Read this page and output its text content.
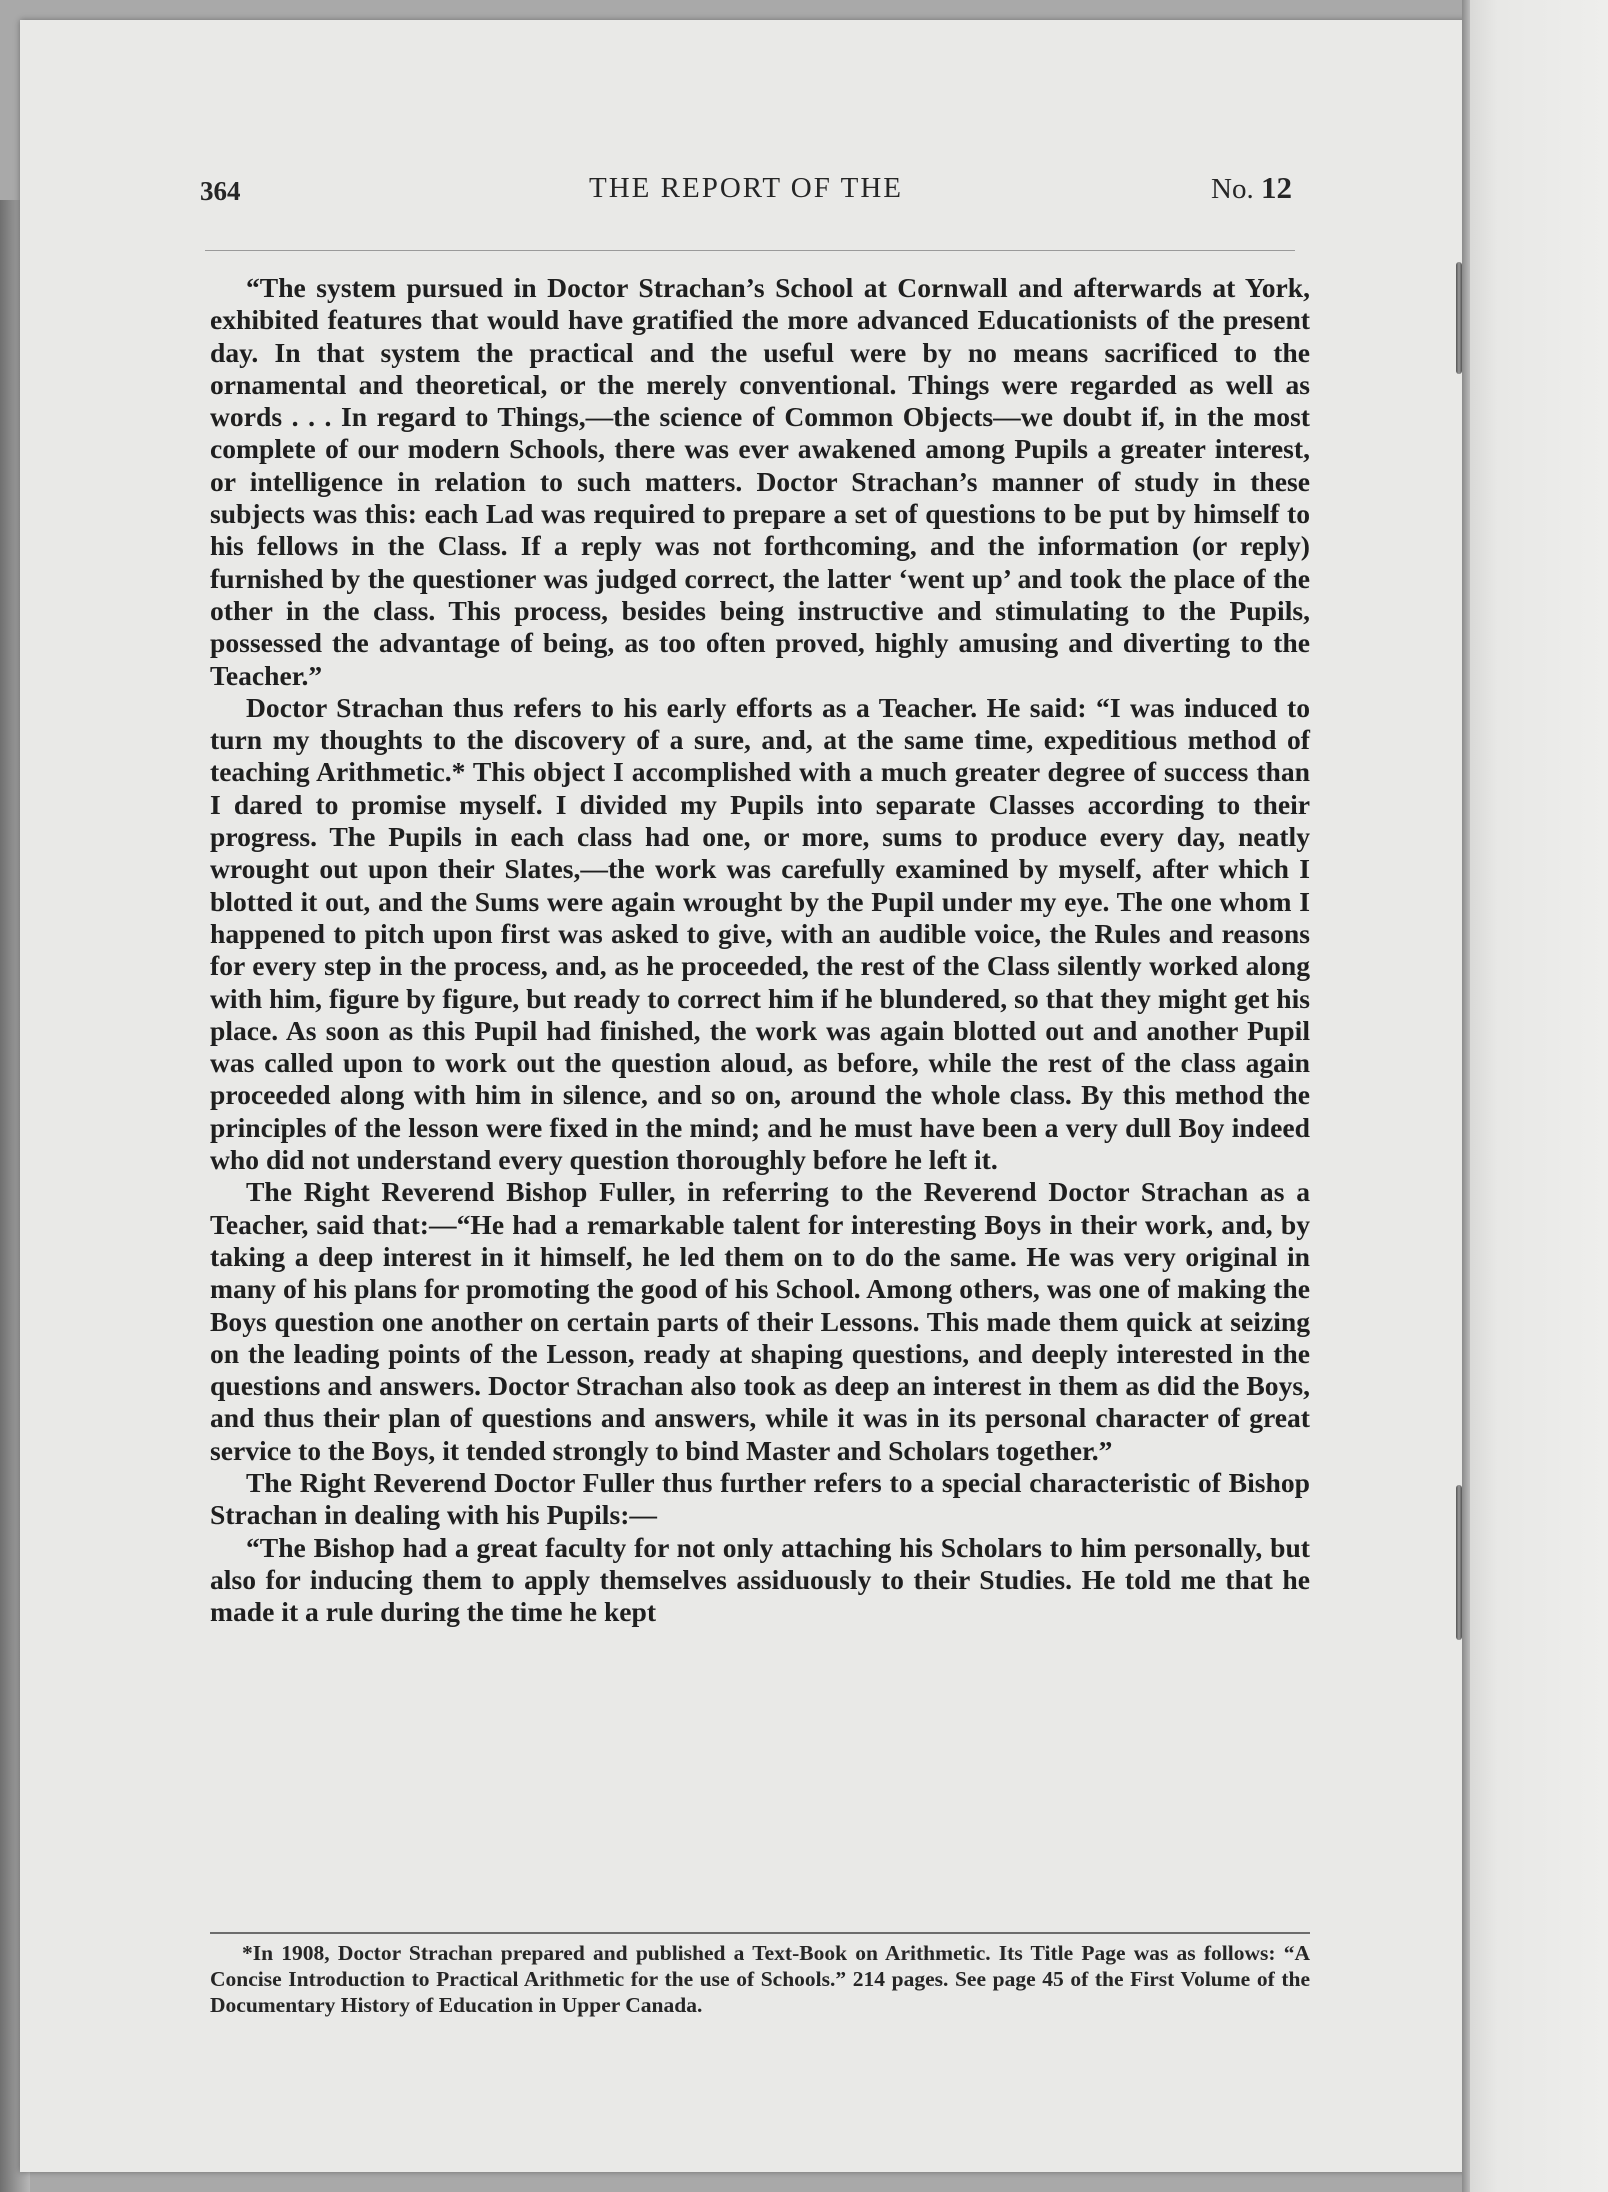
364	THE REPORT OF THE	No. 12

“The system pursued in Doctor Strachan’s School at Cornwall and afterwards at York, exhibited features that would have gratified the more advanced Educationists of the present day. In that system the practical and the useful were by no means sacrificed to the ornamental and theoretical, or the merely conventional. Things were regarded as well as words . . . In regard to Things,—the science of Common Objects—we doubt if, in the most complete of our modern Schools, there was ever awakened among Pupils a greater interest, or intelligence in relation to such matters. Doctor Strachan’s manner of study in these subjects was this: each Lad was required to prepare a set of questions to be put by himself to his fellows in the Class. If a reply was not forthcoming, and the information (or reply) furnished by the questioner was judged correct, the latter ‘went up’ and took the place of the other in the class. This process, besides being instructive and stimulating to the Pupils, possessed the advantage of being, as too often proved, highly amusing and diverting to the Teacher.”

Doctor Strachan thus refers to his early efforts as a Teacher. He said: “I was induced to turn my thoughts to the discovery of a sure, and, at the same time, expeditious method of teaching Arithmetic.* This object I accomplished with a much greater degree of success than I dared to promise myself. I divided my Pupils into separate Classes according to their progress. The Pupils in each class had one, or more, sums to produce every day, neatly wrought out upon their Slates,—the work was carefully examined by myself, after which I blotted it out, and the Sums were again wrought by the Pupil under my eye. The one whom I happened to pitch upon first was asked to give, with an audible voice, the Rules and reasons for every step in the process, and, as he proceeded, the rest of the Class silently worked along with him, figure by figure, but ready to correct him if he blundered, so that they might get his place. As soon as this Pupil had finished, the work was again blotted out and another Pupil was called upon to work out the question aloud, as before, while the rest of the class again proceeded along with him in silence, and so on, around the whole class. By this method the principles of the lesson were fixed in the mind; and he must have been a very dull Boy indeed who did not understand every question thoroughly before he left it.

The Right Reverend Bishop Fuller, in referring to the Reverend Doctor Strachan as a Teacher, said that:—“He had a remarkable talent for interesting Boys in their work, and, by taking a deep interest in it himself, he led them on to do the same. He was very original in many of his plans for promoting the good of his School. Among others, was one of making the Boys question one another on certain parts of their Lessons. This made them quick at seizing on the leading points of the Lesson, ready at shaping questions, and deeply interested in the questions and answers. Doctor Strachan also took as deep an interest in them as did the Boys, and thus their plan of questions and answers, while it was in its personal character of great service to the Boys, it tended strongly to bind Master and Scholars together.”

The Right Reverend Doctor Fuller thus further refers to a special characteristic of Bishop Strachan in dealing with his Pupils:—

“The Bishop had a great faculty for not only attaching his Scholars to him personally, but also for inducing them to apply themselves assiduously to their Studies. He told me that he made it a rule during the time he kept

*In 1908, Doctor Strachan prepared and published a Text-Book on Arithmetic. Its Title Page was as follows: “A Concise Introduction to Practical Arithmetic for the use of Schools.” 214 pages. See page 45 of the First Volume of the Documentary History of Education in Upper Canada.
